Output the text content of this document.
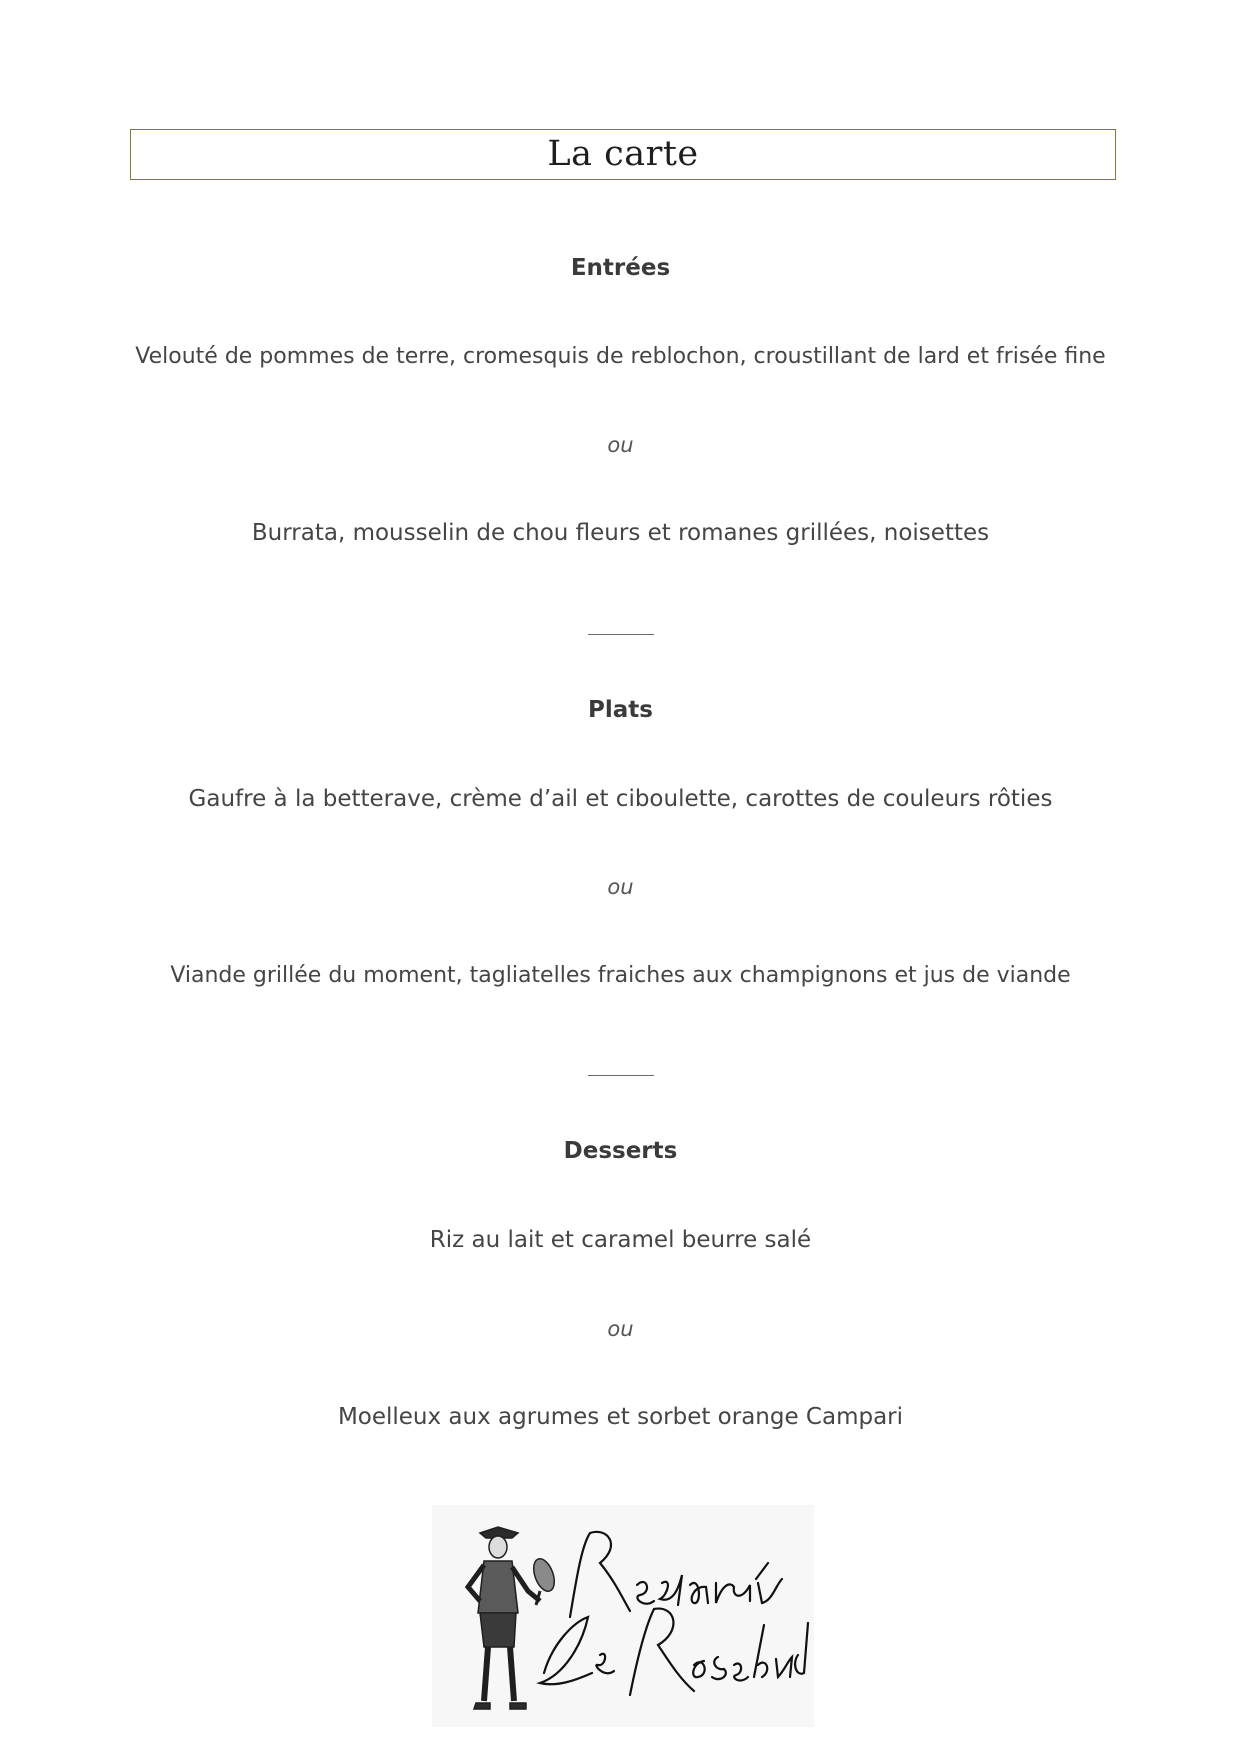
La carte
Entrées
Velouté de pommes de terre, cromesquis de reblochon, croustillant de lard et frisée fine
ou
Burrata, mousselin de chou fleurs et romanes grillées, noisettes
Plats
Gaufre à la betterave, crème d’ail et ciboulette, carottes de couleurs rôties
ou
Viande grillée du moment, tagliatelles fraiches aux champignons et jus de viande
Desserts
Riz au lait et caramel beurre salé
ou
Moelleux aux agrumes et sorbet orange Campari
